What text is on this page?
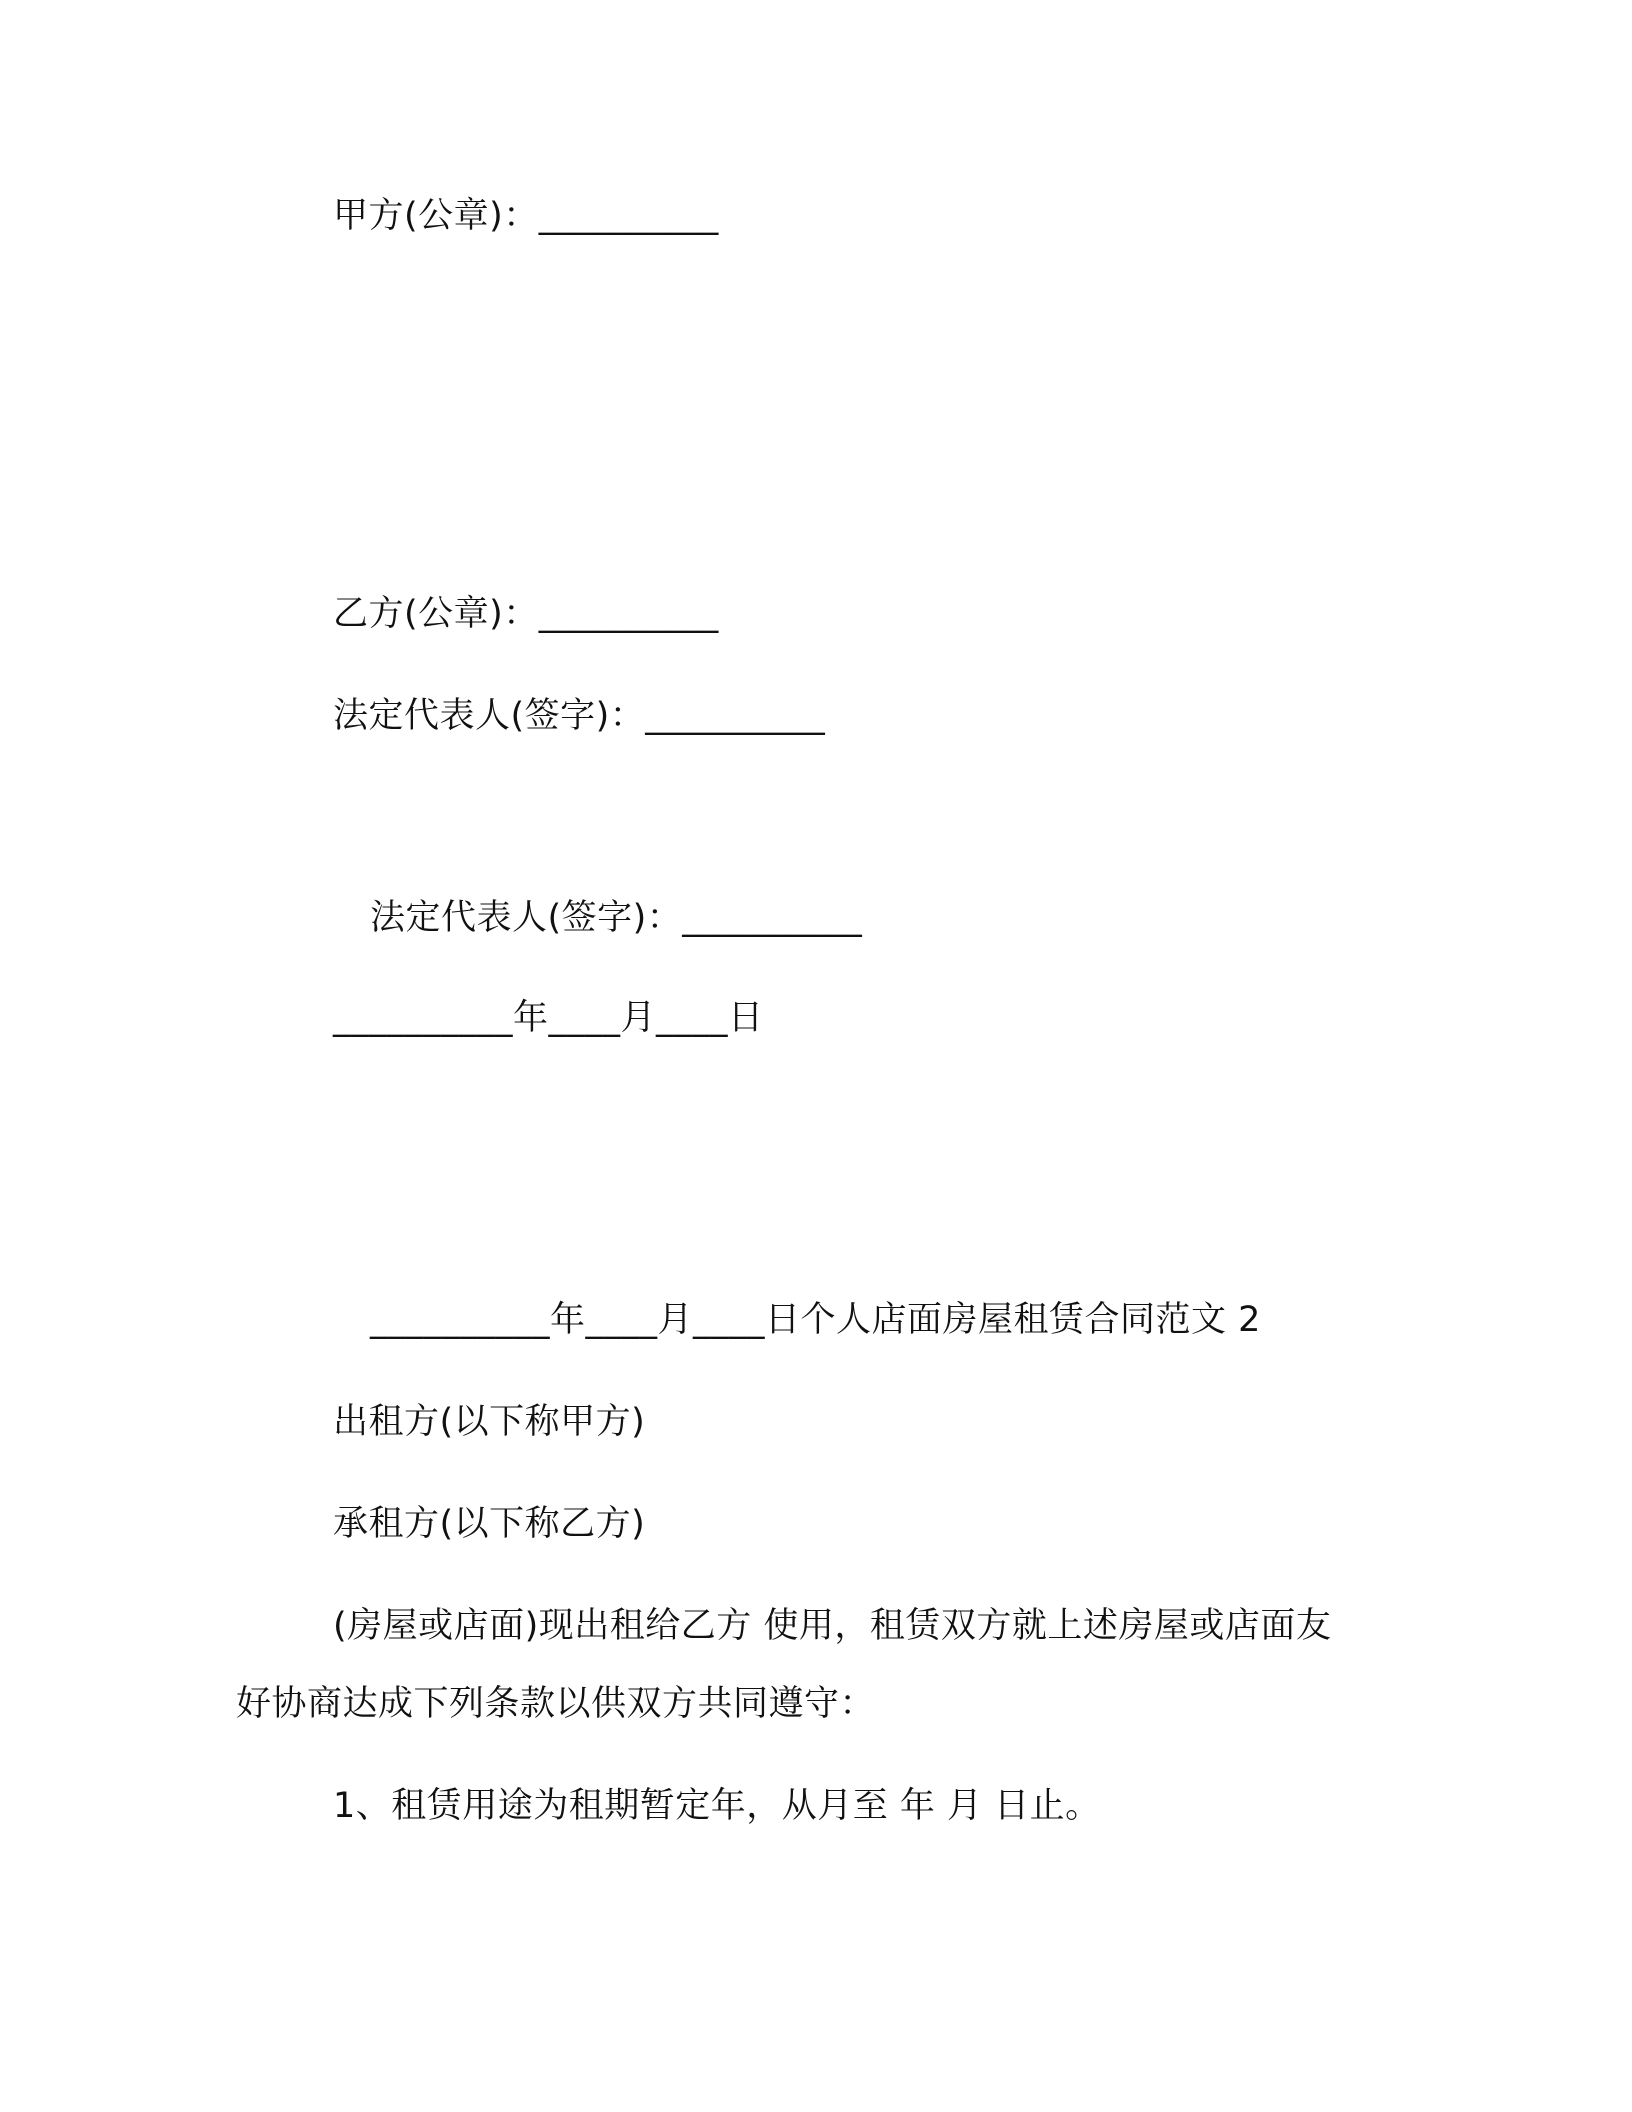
甲方(公章)：__________
乙方(公章)：__________
法定代表人(签字)：__________
法定代表人(签字)：__________
__________年____月____日
__________年____月____日个人店面房屋租赁合同范文 2
出租方(以下称甲方)
承租方(以下称乙方)
(房屋或店面)现出租给乙方 使用，租赁双方就上述房屋或店面友
好协商达成下列条款以供双方共同遵守：
1、租赁用途为租期暂定年，从月至 年 月 日止。
